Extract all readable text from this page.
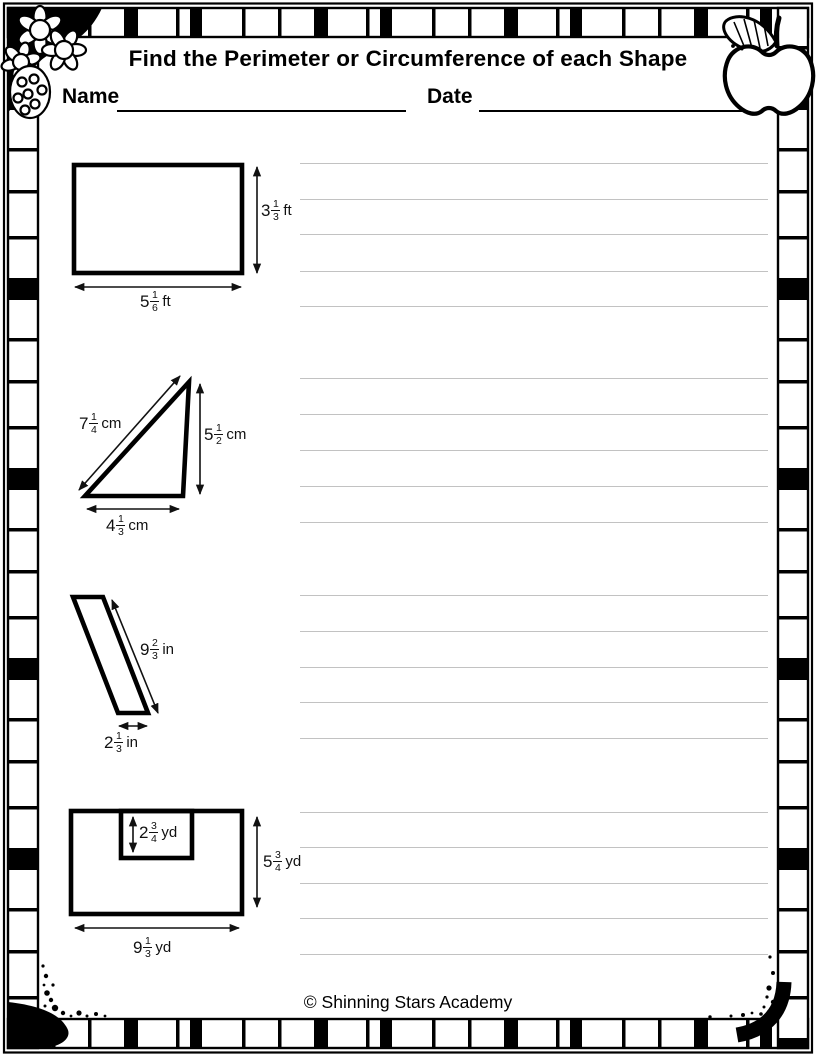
Find the Perimeter or Circumference of each Shape
Name	Date
$3 \frac{1}{3}$ ft
$5 \frac{1}{6}$ ft
$7 \frac{1}{4}$ cm
$5 \frac{1}{2}$ cm
$4 \frac{1}{3}$ cm
$9 \frac{2}{3}$ in
$2 \frac{1}{3}$ in
$2 \frac{3}{4}$ yd
$5 \frac{3}{4}$ yd
$9 \frac{1}{3}$ yd
© Shinning Stars Academy
